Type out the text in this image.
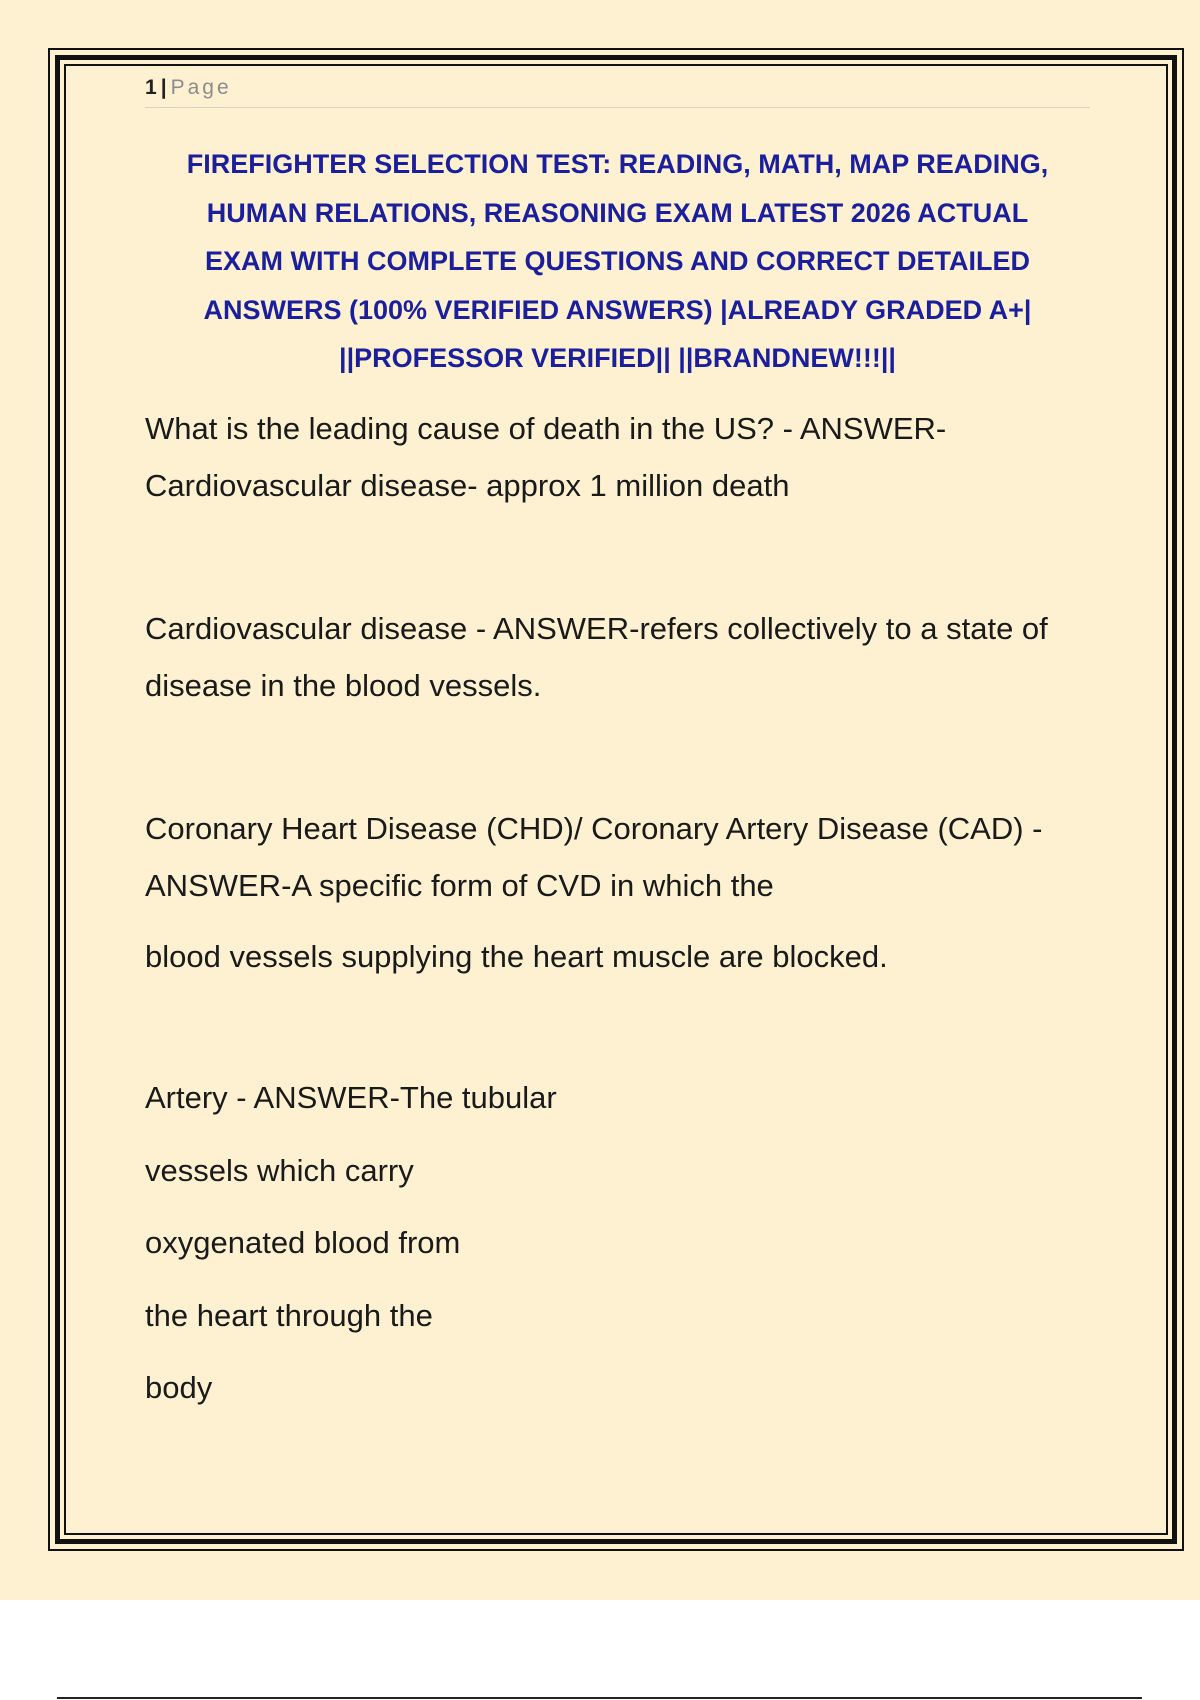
1 | Page
FIREFIGHTER SELECTION TEST: READING, MATH, MAP READING,
HUMAN RELATIONS, REASONING EXAM LATEST 2026 ACTUAL
EXAM WITH COMPLETE QUESTIONS AND CORRECT DETAILED
ANSWERS (100% VERIFIED ANSWERS) |ALREADY GRADED A+|
||PROFESSOR VERIFIED|| ||BRANDNEW!!!||

What is the leading cause of death in the US? - ANSWER-

Cardiovascular disease- approx 1 million death

Cardiovascular disease - ANSWER-refers collectively to a state of

disease in the blood vessels.

Coronary Heart Disease (CHD)/ Coronary Artery Disease (CAD) -

ANSWER-A specific form of CVD in which the

blood vessels supplying the heart muscle are blocked.

Artery - ANSWER-The tubular

vessels which carry

oxygenated blood from

the heart through the

body
